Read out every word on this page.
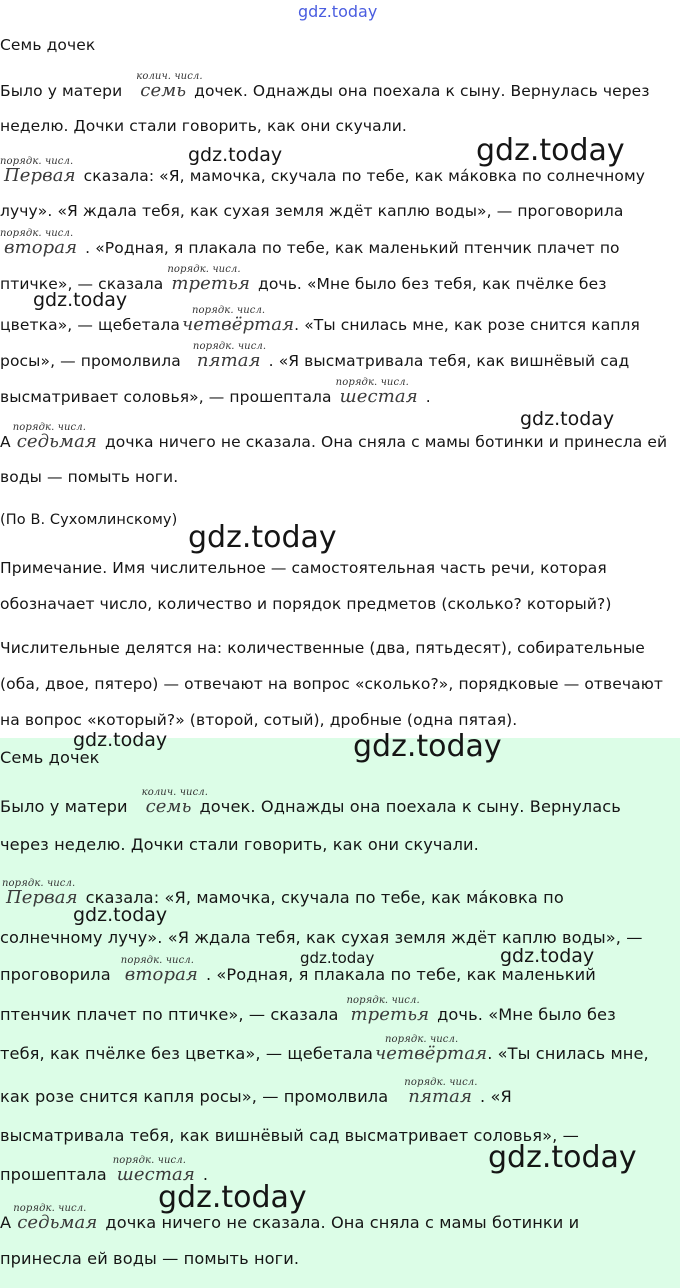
gdz.today
Семь дочек
Было у матери
колич. числ.
семь дочек. Однажды она поехала к сыну. Вернулась через
неделю. Дочки стали говорить, как они скучали.
порядк. числ.
Первая сказала: «Я, мамочка, скучала по тебе, как ма́ковка по солнечному
лучу». «Я ждала тебя, как сухая земля ждёт каплю воды», — проговорила
порядк. числ.
вторая . «Родная, я плакала по тебе, как маленький птенчик плачет по
птичке», — сказала
порядк. числ.
третья дочь. «Мне было без тебя, как пчёлке без
цветка», — щебетала
порядк. числ.
четвёртая. «Ты снилась мне, как розе снится капля
росы», — промолвила
порядк. числ.
пятая . «Я высматривала тебя, как вишнёвый сад
высматривает соловья», — прошептала
порядк. числ.
шестая .
А
порядк. числ.
седьмая дочка ничего не сказала. Она сняла с мамы ботинки и принесла ей
воды — помыть ноги.
(По В. Сухомлинскому)
Примечание. Имя числительное — самостоятельная часть речи, которая
обозначает число, количество и порядок предметов (сколько? который?)
Числительные делятся на: количественные (два, пятьдесят), собирательные
(оба, двое, пятеро) — отвечают на вопрос «сколько?», порядковые — отвечают
на вопрос «который?» (второй, сотый), дробные (одна пятая).
Семь дочек
Было у матери
колич. числ.
семь дочек. Однажды она поехала к сыну. Вернулась
через неделю. Дочки стали говорить, как они скучали.
порядк. числ.
Первая сказала: «Я, мамочка, скучала по тебе, как ма́ковка по
солнечному лучу». «Я ждала тебя, как сухая земля ждёт каплю воды», —
проговорила
порядк. числ.
вторая . «Родная, я плакала по тебе, как маленький
птенчик плачет по птичке», — сказала
порядк. числ.
третья дочь. «Мне было без
тебя, как пчёлке без цветка», — щебетала
порядк. числ.
четвёртая. «Ты снилась мне,
как розе снится капля росы», — промолвила
порядк. числ.
пятая . «Я
высматривала тебя, как вишнёвый сад высматривает соловья», —
прошептала
порядк. числ.
шестая .
А
порядк. числ.
седьмая дочка ничего не сказала. Она сняла с мамы ботинки и
принесла ей воды — помыть ноги.
gdz.today	gdz.today
gdz.today
gdz.today
gdz.today
gdz.today	gdz.today
gdz.today
gdz.today	gdz.today
gdz.today
gdz.today
